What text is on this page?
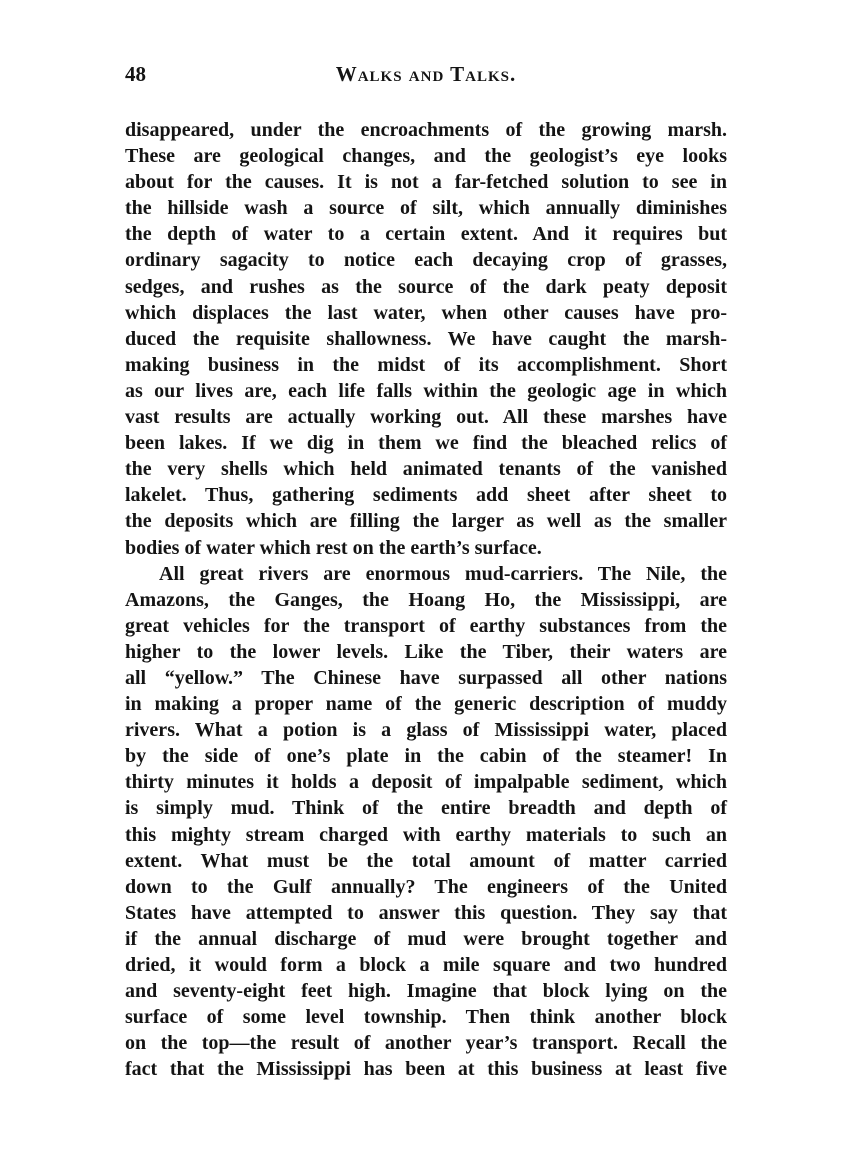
48	Walks and Talks.
disappeared, under the encroachments of the growing marsh.
These are geological changes, and the geologist’s eye looks
about for the causes. It is not a far-fetched solution to see in
the hillside wash a source of silt, which annually diminishes
the depth of water to a certain extent. And it requires but
ordinary sagacity to notice each decaying crop of grasses,
sedges, and rushes as the source of the dark peaty deposit
which displaces the last water, when other causes have pro-
duced the requisite shallowness. We have caught the marsh-
making business in the midst of its accomplishment. Short
as our lives are, each life falls within the geologic age in which
vast results are actually working out. All these marshes have
been lakes. If we dig in them we find the bleached relics of
the very shells which held animated tenants of the vanished
lakelet. Thus, gathering sediments add sheet after sheet to
the deposits which are filling the larger as well as the smaller
bodies of water which rest on the earth’s surface.
All great rivers are enormous mud-carriers. The Nile, the
Amazons, the Ganges, the Hoang Ho, the Mississippi, are
great vehicles for the transport of earthy substances from the
higher to the lower levels. Like the Tiber, their waters are
all “yellow.” The Chinese have surpassed all other nations
in making a proper name of the generic description of muddy
rivers. What a potion is a glass of Mississippi water, placed
by the side of one’s plate in the cabin of the steamer! In
thirty minutes it holds a deposit of impalpable sediment, which
is simply mud. Think of the entire breadth and depth of
this mighty stream charged with earthy materials to such an
extent. What must be the total amount of matter carried
down to the Gulf annually? The engineers of the United
States have attempted to answer this question. They say that
if the annual discharge of mud were brought together and
dried, it would form a block a mile square and two hundred
and seventy-eight feet high. Imagine that block lying on the
surface of some level township. Then think another block
on the top—the result of another year’s transport. Recall the
fact that the Mississippi has been at this business at least five
